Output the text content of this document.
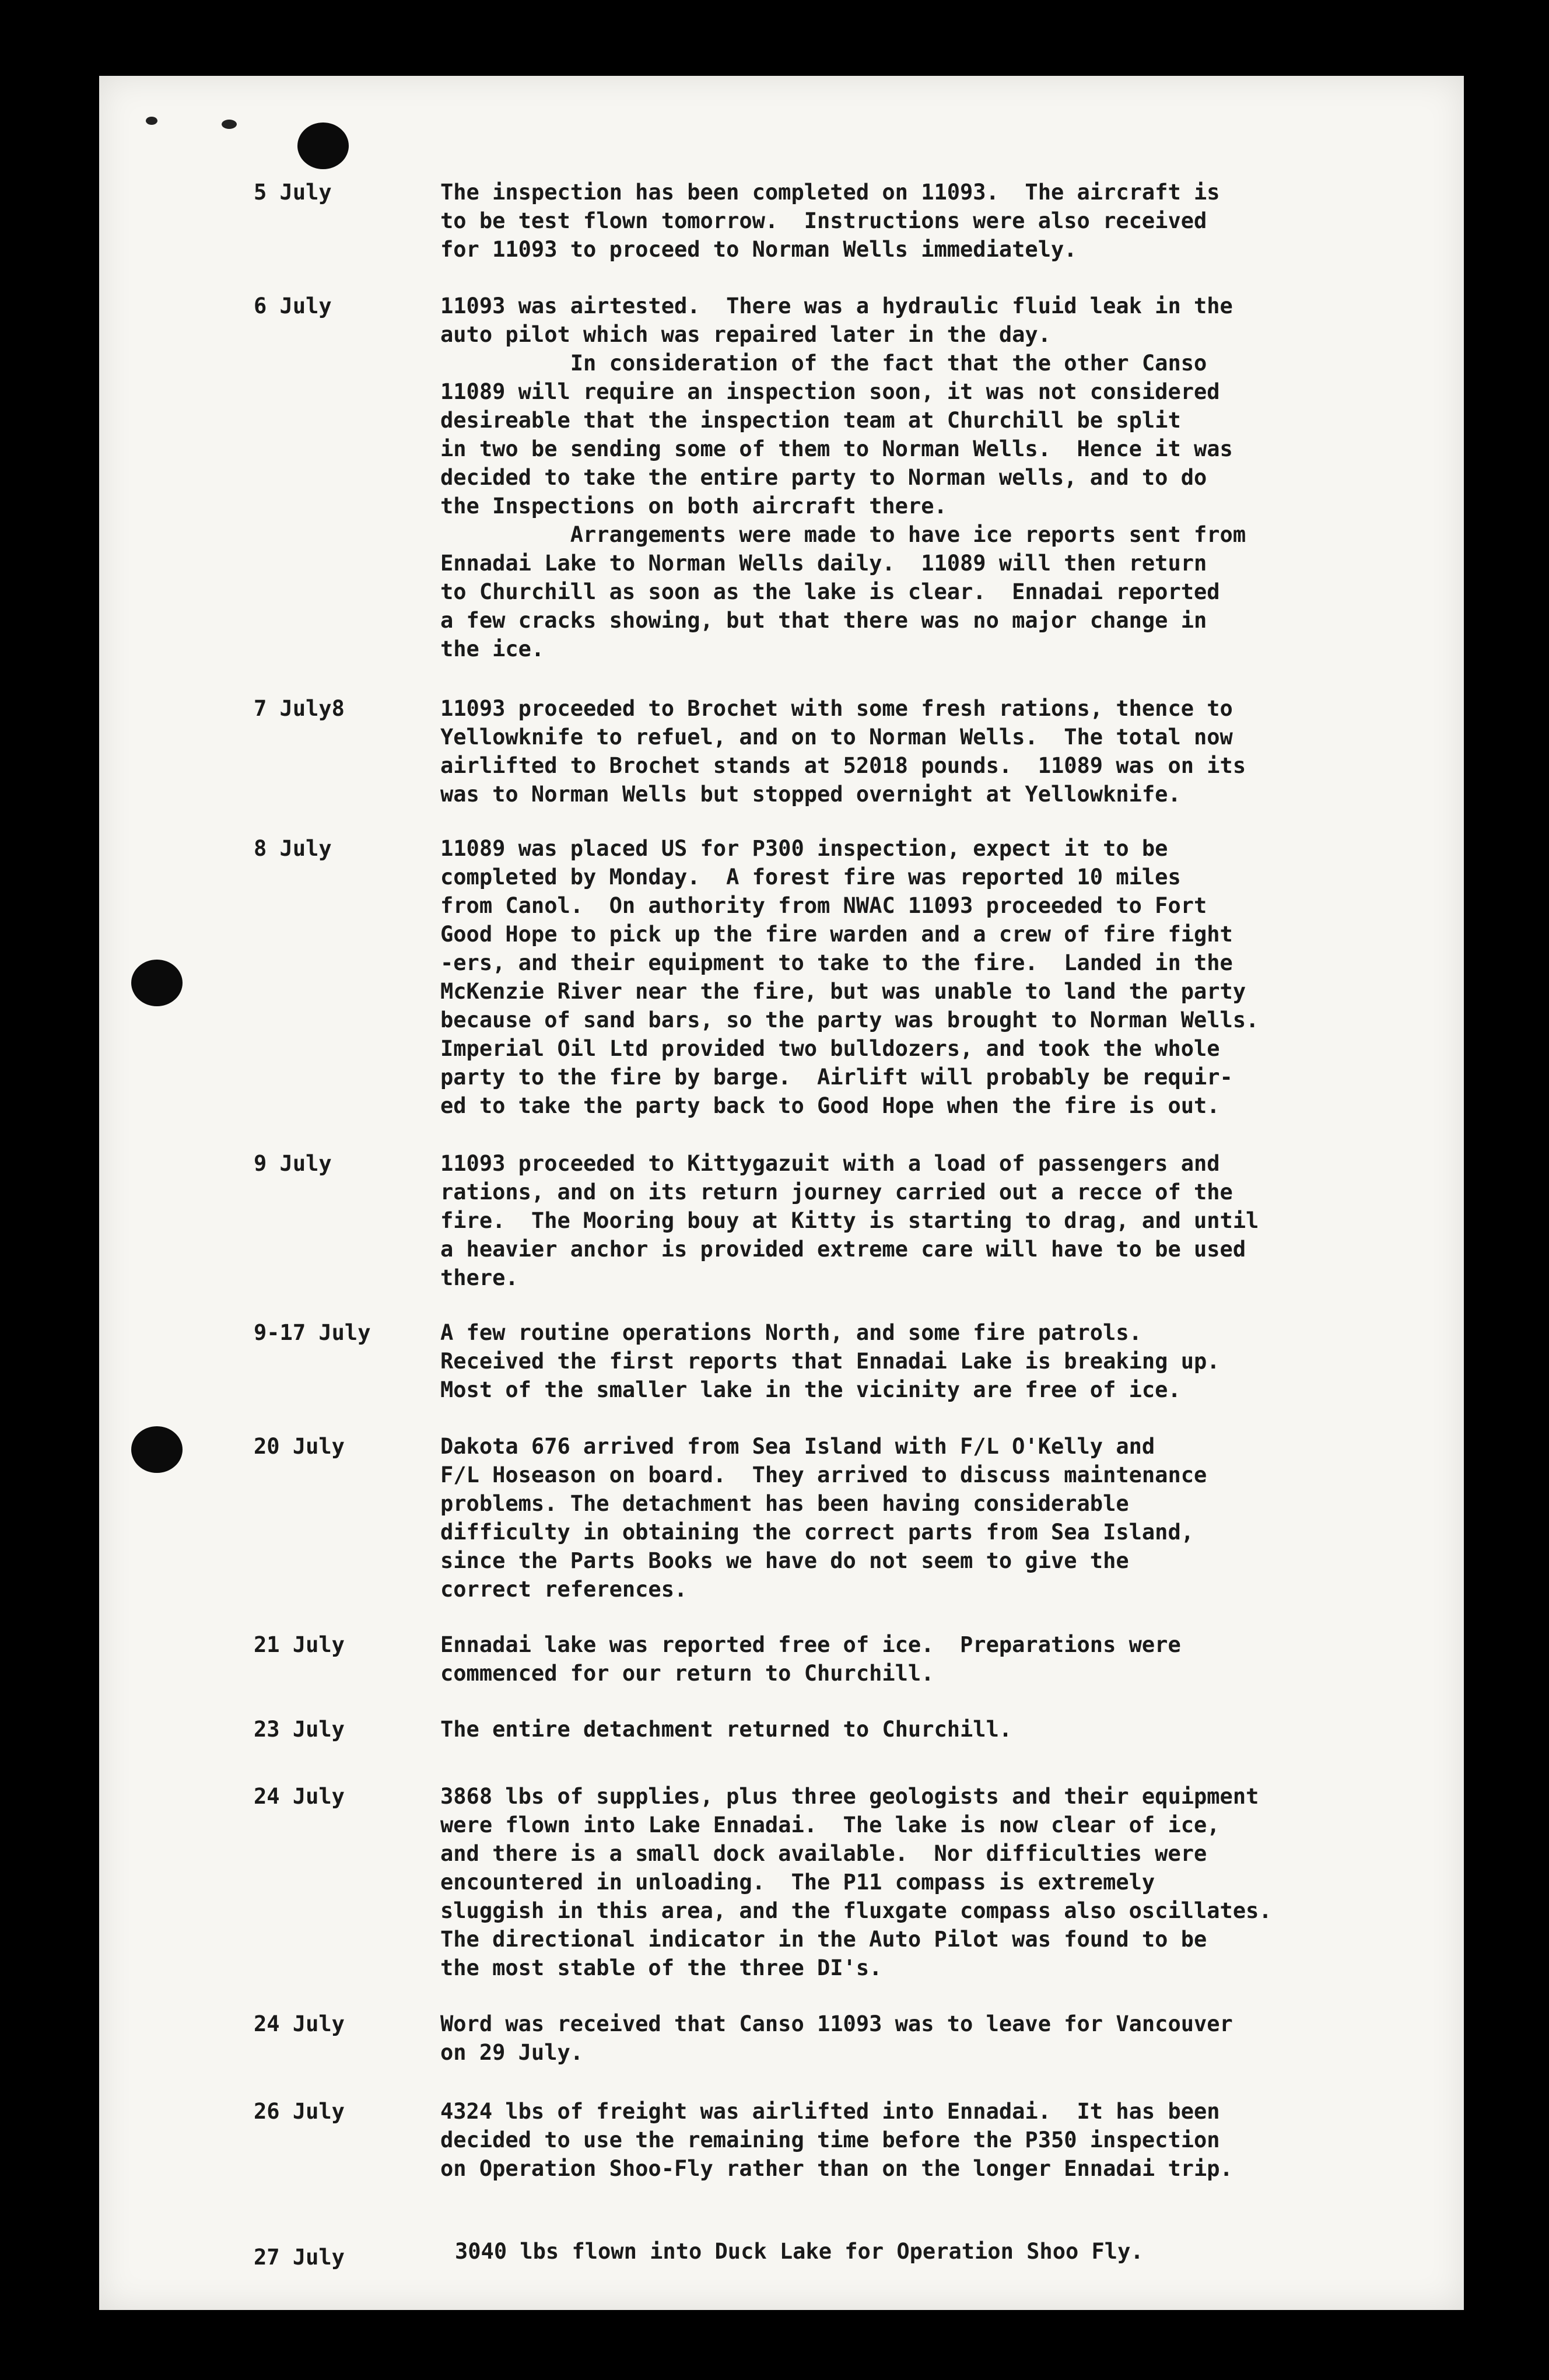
5 July	The inspection has been completed on 11093.  The aircraft is

to be test flown tomorrow.  Instructions were also received

for 11093 to proceed to Norman Wells immediately.

6 July	11093 was airtested.  There was a hydraulic fluid leak in the

auto pilot which was repaired later in the day.

In consideration of the fact that the other Canso

11089 will require an inspection soon, it was not considered

desireable that the inspection team at Churchill be split

in two be sending some of them to Norman Wells.  Hence it was

decided to take the entire party to Norman wells, and to do

the Inspections on both aircraft there.

Arrangements were made to have ice reports sent from

Ennadai Lake to Norman Wells daily.  11089 will then return

to Churchill as soon as the lake is clear.  Ennadai reported

a few cracks showing, but that there was no major change in

the ice.

7 July8	11093 proceeded to Brochet with some fresh rations, thence to

Yellowknife to refuel, and on to Norman Wells.  The total now

airlifted to Brochet stands at 52018 pounds.  11089 was on its

was to Norman Wells but stopped overnight at Yellowknife.

8 July	11089 was placed US for P300 inspection, expect it to be

completed by Monday.  A forest fire was reported 10 miles

from Canol.  On authority from NWAC 11093 proceeded to Fort

Good Hope to pick up the fire warden and a crew of fire fight

-ers, and their equipment to take to the fire.  Landed in the

McKenzie River near the fire, but was unable to land the party

because of sand bars, so the party was brought to Norman Wells.

Imperial Oil Ltd provided two bulldozers, and took the whole

party to the fire by barge.  Airlift will probably be requir-

ed to take the party back to Good Hope when the fire is out.

9 July	11093 proceeded to Kittygazuit with a load of passengers and

rations, and on its return journey carried out a recce of the

fire.  The Mooring bouy at Kitty is starting to drag, and until

a heavier anchor is provided extreme care will have to be used

there.

9-17 July	A few routine operations North, and some fire patrols.

Received the first reports that Ennadai Lake is breaking up.

Most of the smaller lake in the vicinity are free of ice.

20 July	Dakota 676 arrived from Sea Island with F/L O'Kelly and

F/L Hoseason on board.  They arrived to discuss maintenance

problems. The detachment has been having considerable

difficulty in obtaining the correct parts from Sea Island,

since the Parts Books we have do not seem to give the

correct references.

21 July	Ennadai lake was reported free of ice.  Preparations were

commenced for our return to Churchill.

23 July	The entire detachment returned to Churchill.

24 July	3868 lbs of supplies, plus three geologists and their equipment

were flown into Lake Ennadai.  The lake is now clear of ice,

and there is a small dock available.  Nor difficulties were

encountered in unloading.  The P11 compass is extremely

sluggish in this area, and the fluxgate compass also oscillates.

The directional indicator in the Auto Pilot was found to be

the most stable of the three DI's.

24 July	Word was received that Canso 11093 was to leave for Vancouver

on 29 July.

26 July	4324 lbs of freight was airlifted into Ennadai.  It has been

decided to use the remaining time before the P350 inspection

on Operation Shoo-Fly rather than on the longer Ennadai trip.

27 July	3040 lbs flown into Duck Lake for Operation Shoo Fly.
